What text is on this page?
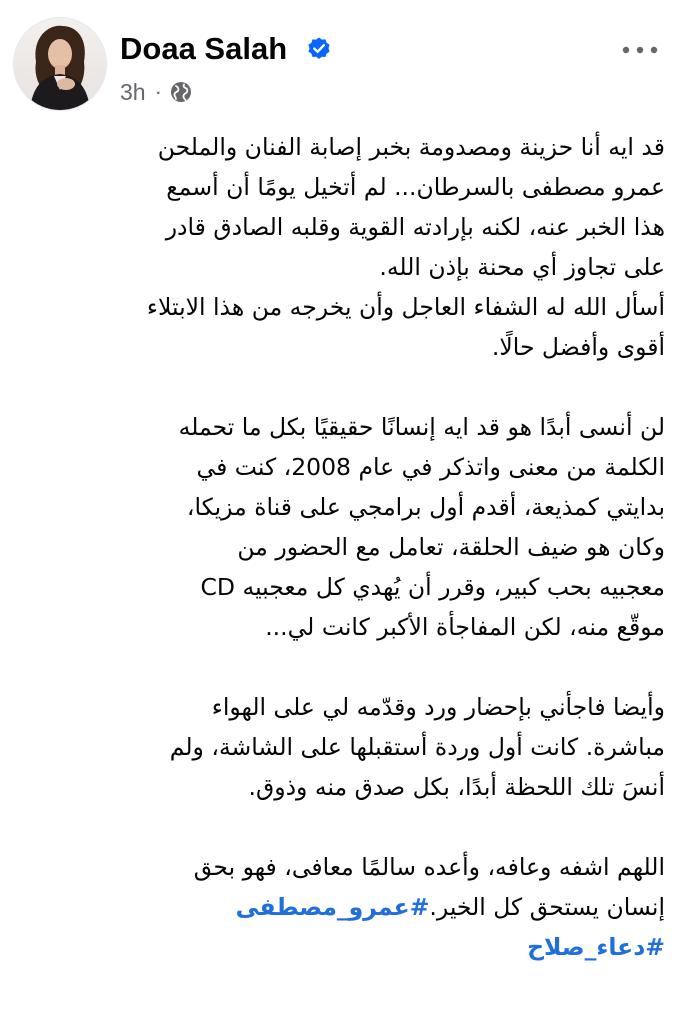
Doaa Salah
3h ·
قد ايه أنا حزينة ومصدومة بخبر إصابة الفنان والملحن
عمرو مصطفى بالسرطان... لم أتخيل يومًا أن أسمع
هذا الخبر عنه، لكنه بإرادته القوية وقلبه الصادق قادر
على تجاوز أي محنة بإذن الله.
أسأل الله له الشفاء العاجل وأن يخرجه من هذا الابتلاء
أقوى وأفضل حالًا.
لن أنسى أبدًا هو قد ايه إنسانًا حقيقيًا بكل ما تحمله
الكلمة من معنى واتذكر في عام 2008، كنت في
بدايتي كمذيعة، أقدم أول برامجي على قناة مزيكا،
وكان هو ضيف الحلقة، تعامل مع الحضور من
معجبيه بحب كبير، وقرر أن يُهدي كل معجبيه CD
موقّع منه، لكن المفاجأة الأكبر كانت لي...
وأيضا فاجأني بإحضار ورد وقدّمه لي على الهواء
مباشرة. كانت أول وردة أستقبلها على الشاشة، ولم
أنسَ تلك اللحظة أبدًا، بكل صدق منه وذوق.
اللهم اشفه وعافه، وأعده سالمًا معافى، فهو بحق
إنسان يستحق كل الخير.#عمرو_مصطفى
#دعاء_صلاح
